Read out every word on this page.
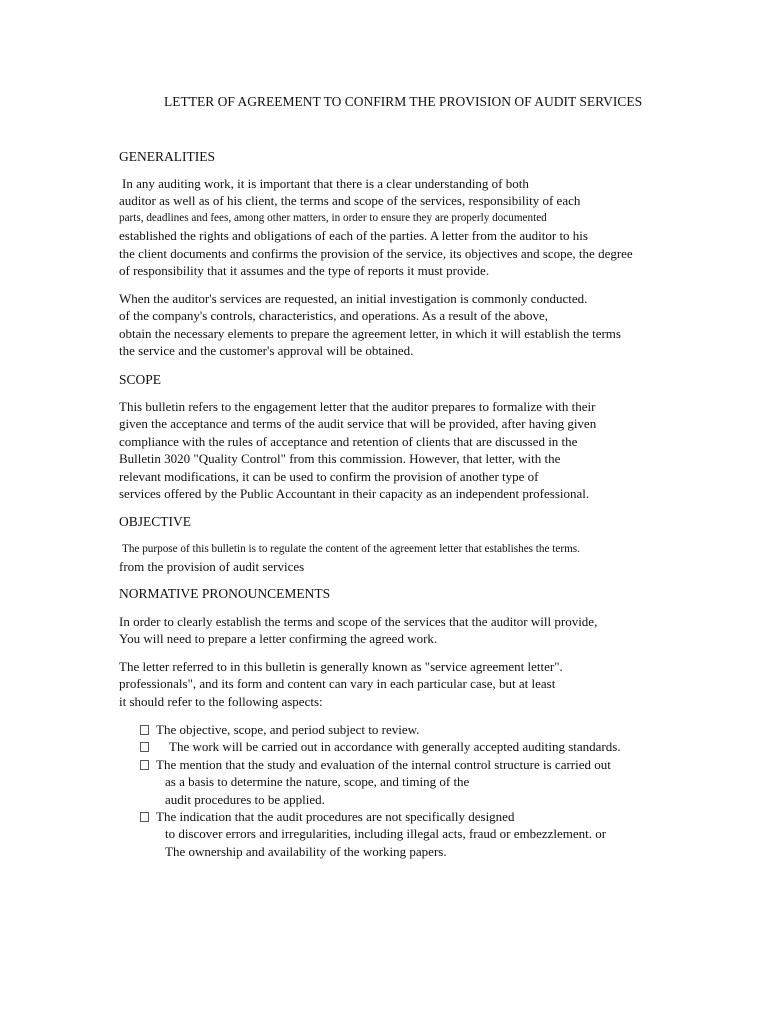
LETTER OF AGREEMENT TO CONFIRM THE PROVISION OF AUDIT SERVICES
GENERALITIES
In any auditing work, it is important that there is a clear understanding of both
auditor as well as of his client, the terms and scope of the services, responsibility of each
parts, deadlines and fees, among other matters, in order to ensure they are properly documented
established the rights and obligations of each of the parties. A letter from the auditor to his
the client documents and confirms the provision of the service, its objectives and scope, the degree
of responsibility that it assumes and the type of reports it must provide.
When the auditor's services are requested, an initial investigation is commonly conducted.
of the company's controls, characteristics, and operations. As a result of the above,
obtain the necessary elements to prepare the agreement letter, in which it will establish the terms
the service and the customer's approval will be obtained.
SCOPE
This bulletin refers to the engagement letter that the auditor prepares to formalize with their
given the acceptance and terms of the audit service that will be provided, after having given
compliance with the rules of acceptance and retention of clients that are discussed in the
Bulletin 3020 "Quality Control" from this commission. However, that letter, with the
relevant modifications, it can be used to confirm the provision of another type of
services offered by the Public Accountant in their capacity as an independent professional.
OBJECTIVE
The purpose of this bulletin is to regulate the content of the agreement letter that establishes the terms.
from the provision of audit services
NORMATIVE PRONOUNCEMENTS
In order to clearly establish the terms and scope of the services that the auditor will provide,
You will need to prepare a letter confirming the agreed work.
The letter referred to in this bulletin is generally known as "service agreement letter".
professionals", and its form and content can vary in each particular case, but at least
it should refer to the following aspects:
The objective, scope, and period subject to review.
The work will be carried out in accordance with generally accepted auditing standards.
The mention that the study and evaluation of the internal control structure is carried out
as a basis to determine the nature, scope, and timing of the
audit procedures to be applied.
The indication that the audit procedures are not specifically designed
to discover errors and irregularities, including illegal acts, fraud or embezzlement. or
The ownership and availability of the working papers.
